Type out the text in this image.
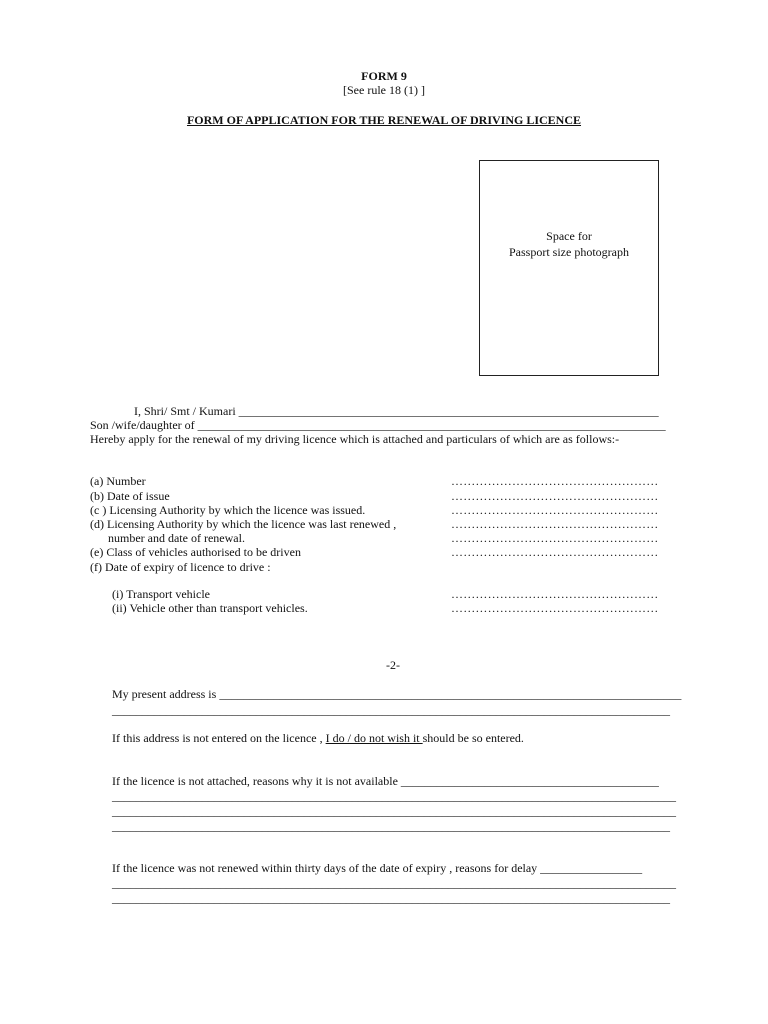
FORM 9
[See rule 18 (1) ]
FORM OF APPLICATION FOR THE RENEWAL OF DRIVING LICENCE
Space for
Passport size photograph
I, Shri/ Smt / Kumari ______________________________________________________________________
Son /wife/daughter of ______________________________________________________________________________
Hereby apply for the renewal of my driving licence which is attached and particulars of which are as follows:-
(a) Number	……………………………………………
(b) Date of issue	……………………………………………
(c ) Licensing Authority by which the licence was issued.	……………………………………………
(d) Licensing Authority by which the licence was last renewed ,	……………………………………………
number and date of renewal.	……………………………………………
(e) Class of vehicles authorised to be driven	……………………………………………
(f) Date of expiry of licence to drive :
(i) Transport vehicle	……………………………………………
(ii) Vehicle other than transport vehicles.	……………………………………………
-2-
My present address is _____________________________________________________________________________
_____________________________________________________________________________________________
If this address is not entered on the licence , I do / do not wish it should be so entered.
If the licence is not attached, reasons why it is not available ___________________________________________
______________________________________________________________________________________________
______________________________________________________________________________________________
_____________________________________________________________________________________________
If the licence was not renewed within thirty days of the date of expiry , reasons for delay _________________
______________________________________________________________________________________________
_____________________________________________________________________________________________
